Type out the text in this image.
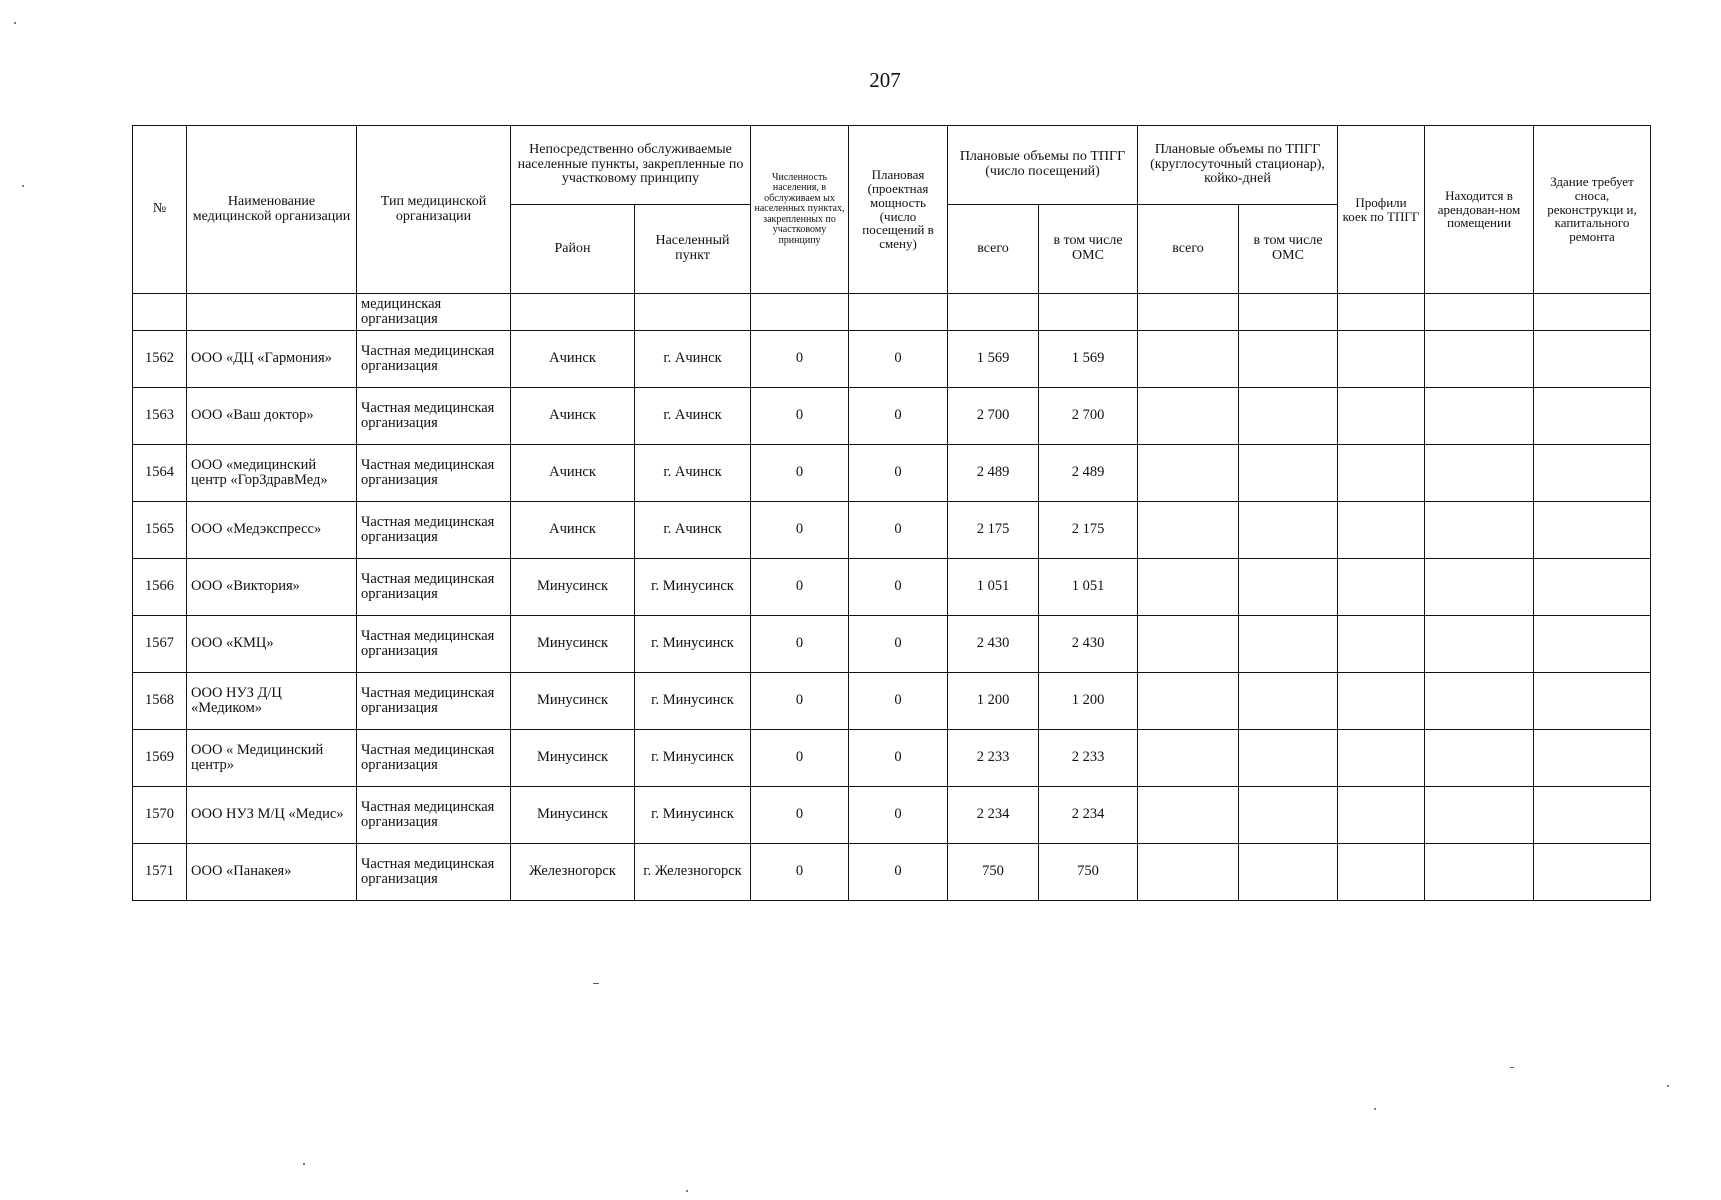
207
№	Наименование медицинской организации	Тип медицинской организации	Непосредственно обслуживаемые населенные пункты, закрепленные по участковому принципу		Численность населения, в обслуживаем ых населенных пунктах, закрепленных по участковому принципу	Плановая (проектная мощность (число посещений в смену)	Плановые объемы по ТПГГ (число посещений)		Плановые объемы по ТПГГ (круглосуточный стационар), койко-дней		Профили коек по ТПГГ	Находится в арендован-ном помещении	Здание требует сноса, реконструкци и, капитального ремонта
			Район	Населенный пункт			всего	в том числе ОМС	всего	в том числе ОМС			
		медицинская организация											
1562	ООО «ДЦ «Гармония»	Частная медицинская организация	Ачинск	г. Ачинск	0	0	1 569	1 569					
1563	ООО «Ваш доктор»	Частная медицинская организация	Ачинск	г. Ачинск	0	0	2 700	2 700					
1564	ООО «медицинский центр «ГорЗдравМед»	Частная медицинская организация	Ачинск	г. Ачинск	0	0	2 489	2 489					
1565	ООО «Медэкспресс»	Частная медицинская организация	Ачинск	г. Ачинск	0	0	2 175	2 175					
1566	ООО «Виктория»	Частная медицинская организация	Минусинск	г. Минусинск	0	0	1 051	1 051					
1567	ООО «КМЦ»	Частная медицинская организация	Минусинск	г. Минусинск	0	0	2 430	2 430					
1568	ООО НУЗ Д/Ц «Медиком»	Частная медицинская организация	Минусинск	г. Минусинск	0	0	1 200	1 200					
1569	ООО « Медицинский центр»	Частная медицинская организация	Минусинск	г. Минусинск	0	0	2 233	2 233					
1570	ООО НУЗ М/Ц «Медис»	Частная медицинская организация	Минусинск	г. Минусинск	0	0	2 234	2 234					
1571	ООО «Панакея»	Частная медицинская организация	Железногорск	г. Железногорск	0	0	750	750					
